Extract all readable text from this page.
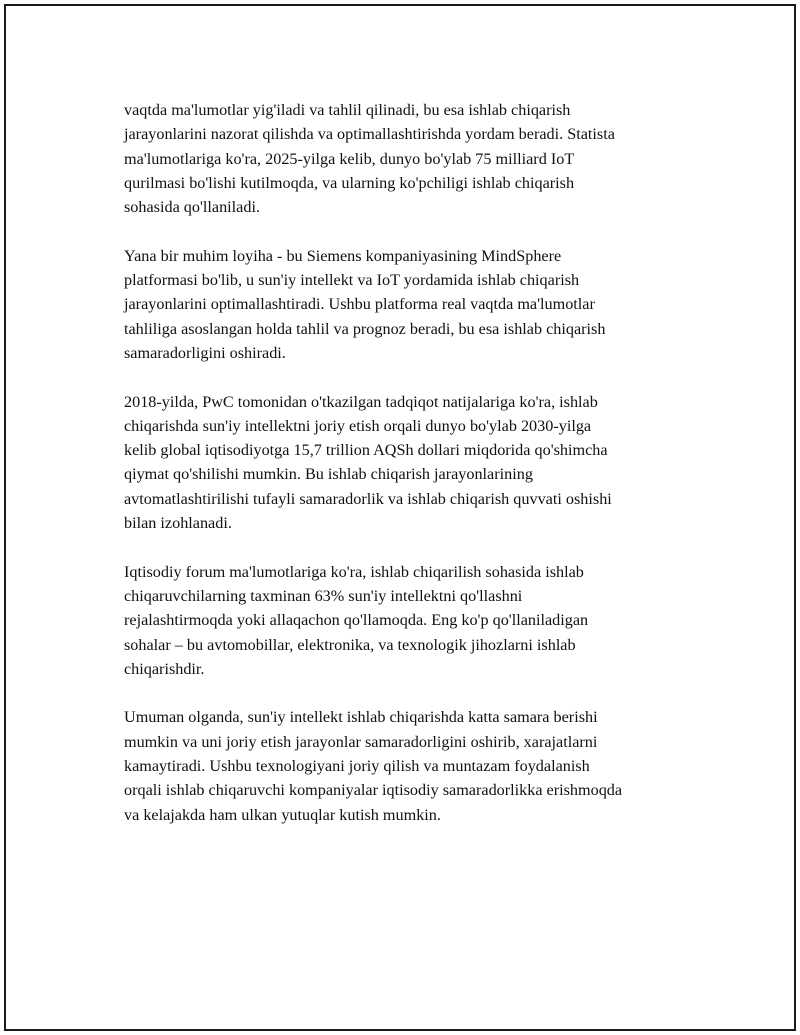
vaqtda ma'lumotlar yig'iladi va tahlil qilinadi, bu esa ishlab chiqarish
jarayonlarini nazorat qilishda va optimallashtirishda yordam beradi. Statista
ma'lumotlariga ko'ra, 2025-yilga kelib, dunyo bo'ylab 75 milliard IoT
qurilmasi bo'lishi kutilmoqda, va ularning ko'pchiligi ishlab chiqarish
sohasida qo'llaniladi.

Yana bir muhim loyiha - bu Siemens kompaniyasining MindSphere
platformasi bo'lib, u sun'iy intellekt va IoT yordamida ishlab chiqarish
jarayonlarini optimallashtiradi. Ushbu platforma real vaqtda ma'lumotlar
tahliliga asoslangan holda tahlil va prognoz beradi, bu esa ishlab chiqarish
samaradorligini oshiradi.

2018-yilda, PwC tomonidan o'tkazilgan tadqiqot natijalariga ko'ra, ishlab
chiqarishda sun'iy intellektni joriy etish orqali dunyo bo'ylab 2030-yilga
kelib global iqtisodiyotga 15,7 trillion AQSh dollari miqdorida qo'shimcha
qiymat qo'shilishi mumkin. Bu ishlab chiqarish jarayonlarining
avtomatlashtirilishi tufayli samaradorlik va ishlab chiqarish quvvati oshishi
bilan izohlanadi.

Iqtisodiy forum ma'lumotlariga ko'ra, ishlab chiqarilish sohasida ishlab
chiqaruvchilarning taxminan 63% sun'iy intellektni qo'llashni
rejalashtirmoqda yoki allaqachon qo'llamoqda. Eng ko'p qo'llaniladigan
sohalar – bu avtomobillar, elektronika, va texnologik jihozlarni ishlab
chiqarishdir.

Umuman olganda, sun'iy intellekt ishlab chiqarishda katta samara berishi
mumkin va uni joriy etish jarayonlar samaradorligini oshirib, xarajatlarni
kamaytiradi. Ushbu texnologiyani joriy qilish va muntazam foydalanish
orqali ishlab chiqaruvchi kompaniyalar iqtisodiy samaradorlikka erishmoqda
va kelajakda ham ulkan yutuqlar kutish mumkin.
